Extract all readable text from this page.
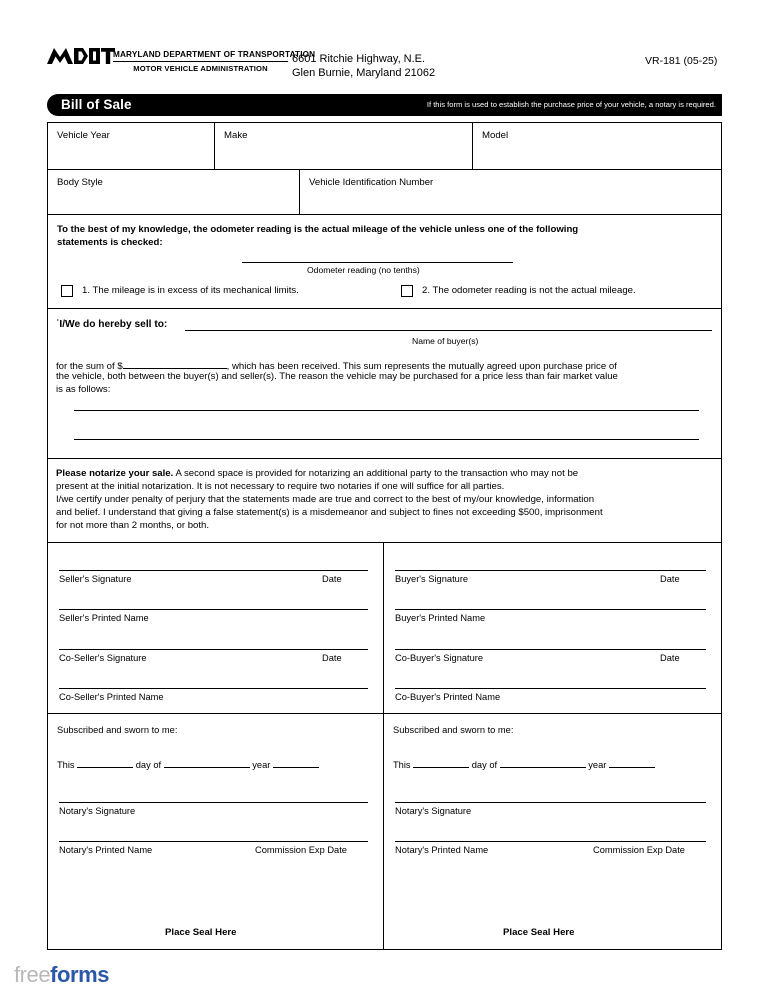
MARYLAND DEPARTMENT OF TRANSPORTATION
MOTOR VEHICLE ADMINISTRATION
6601 Ritchie Highway, N.E.
Glen Burnie, Maryland 21062
VR-181 (05-25)
Bill of Sale	If this form is used to establish the purchase price of your vehicle, a notary is required.
Vehicle Year	Make	Model
Body Style	Vehicle Identification Number
To the best of my knowledge, the odometer reading is the actual mileage of the vehicle unless one of the following
statements is checked:
Odometer reading (no tenths)
1. The mileage is in excess of its mechanical limits.	2. The odometer reading is not the actual mileage.
˙I/We do hereby sell to:
Name of buyer(s)
for the sum of $	, which has been received. This sum represents the mutually agreed upon purchase price of
the vehicle, both between the buyer(s) and seller(s). The reason the vehicle may be purchased for a price less than fair market value
is as follows:
Please notarize your sale. A second space is provided for notarizing an additional party to the transaction who may not be
present at the initial notarization. It is not necessary to require two notaries if one will suffice for all parties.
I/we certify under penalty of perjury that the statements made are true and correct to the best of my/our knowledge, information
and belief. I understand that giving a false statement(s) is a misdemeanor and subject to fines not exceeding $500, imprisonment
for not more than 2 months, or both.
Seller's Signature	Date
Seller's Printed Name
Co-Seller's Signature	Date
Co-Seller's Printed Name
Buyer's Signature	Date
Buyer's Printed Name
Co-Buyer's Signature	Date
Co-Buyer's Printed Name
Subscribed and sworn to me:
This	day of	year
Notary's Signature
Notary's Printed Name	Commission Exp Date
Place Seal Here
Subscribed and sworn to me:
This	day of	year
Notary's Signature
Notary's Printed Name	Commission Exp Date
Place Seal Here
freeforms
